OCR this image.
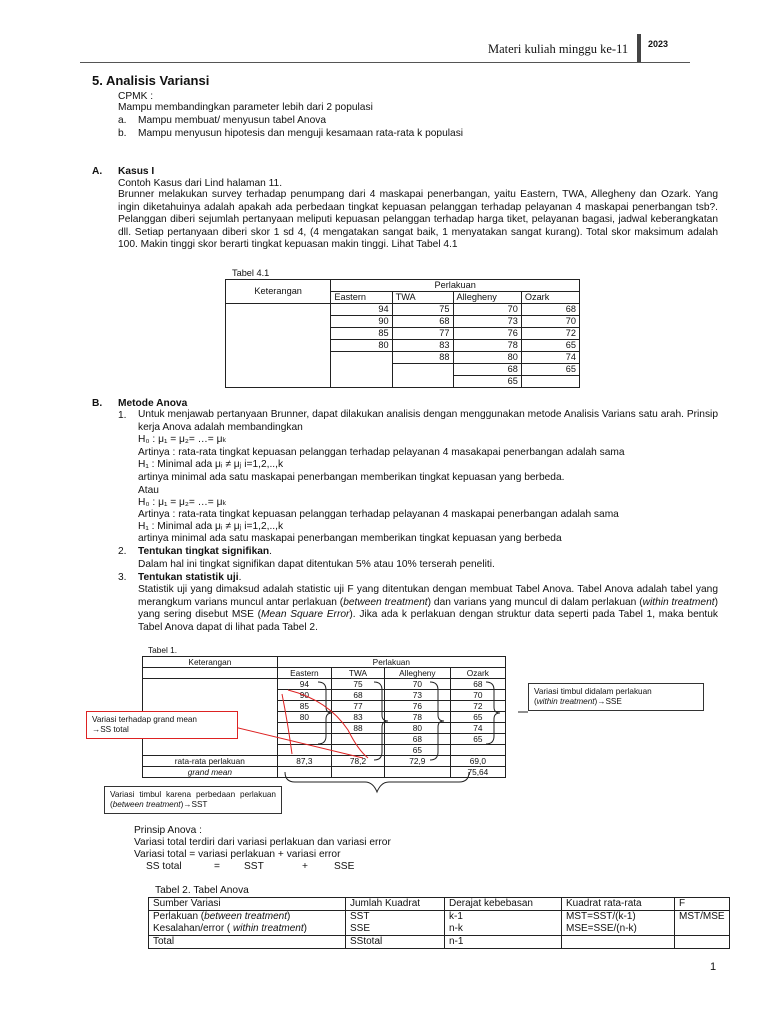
Materi kuliah minggu ke-11 2023
5. Analisis Variansi
CPMK :
Mampu membandingkan parameter lebih dari 2 populasi
a. Mampu membuat/ menyusun tabel Anova
b. Mampu menyusun hipotesis dan menguji kesamaan rata-rata k populasi
A. Kasus I
Contoh Kasus dari Lind halaman 11.
Brunner melakukan survey terhadap penumpang dari 4 maskapai penerbangan, yaitu Eastern, TWA, Allegheny dan Ozark. Yang ingin diketahuinya adalah apakah ada perbedaan tingkat kepuasan pelanggan terhadap pelayanan 4 maskapai penerbangan tsb?. Pelanggan diberi sejumlah pertanyaan meliputi kepuasan pelanggan terhadap harga tiket, pelayanan bagasi, jadwal keberangkatan dll. Setiap pertanyaan diberi skor 1 sd 4, (4 mengatakan sangat baik, 1 menyatakan sangat kurang). Total skor maksimum adalah 100. Makin tinggi skor berarti tingkat kepuasan makin tinggi. Lihat Tabel 4.1
Tabel 4.1
Keterangan	Perlakuan			
	Eastern	TWA	Allegheny	Ozark
	94	75	70	68
	90	68	73	70
	85	77	76	72
	80	83	78	65
		88	80	74
			68	65
			65	
B. Metode Anova
1. Untuk menjawab pertanyaan Brunner, dapat dilakukan analisis dengan menggunakan metode Analisis Varians satu arah. Prinsip kerja Anova adalah membandingkan
H₀ : μ₁ = μ₂= …= μₖ
Artinya : rata-rata tingkat kepuasan pelanggan terhadap pelayanan 4 masakapai penerbangan adalah sama
H₁ : Minimal ada μᵢ ≠ μⱼ i=1,2,..,k
artinya minimal ada satu maskapai penerbangan memberikan tingkat kepuasan yang berbeda.
Atau
H₀ : μ₁ = μ₂= …= μₖ
Artinya : rata-rata tingkat kepuasan pelanggan terhadap pelayanan 4 maskapai penerbangan adalah sama
H₁ : Minimal ada μᵢ ≠ μⱼ i=1,2,..,k
artinya minimal ada satu maskapai penerbangan memberikan tingkat kepuasan yang berbeda
2. Tentukan tingkat signifikan.
Dalam hal ini tingkat signifikan dapat ditentukan 5% atau 10% terserah peneliti.
3. Tentukan statistik uji.
Statistik uji yang dimaksud adalah statistic uji F yang ditentukan dengan membuat Tabel Anova. Tabel Anova adalah tabel yang merangkum varians muncul antar perlakuan (between treatment) dan varians yang muncul di dalam perlakuan (within treatment) yang sering disebut MSE (Mean Square Error). Jika ada k perlakuan dengan struktur data seperti pada Tabel 1, maka bentuk Tabel Anova dapat di lihat pada Tabel 2.
Tabel 1.
Keterangan	Perlakuan			
	Eastern	TWA	Allegheny	Ozark
	94	75	70	68
	90	68	73	70
	85	77	76	72
	80	83	78	65
		88	80	74
			68	65
			65	
rata-rata perlakuan	87,3	78,2	72,9	69,0
grand mean				75,64
Variasi timbul didalam perlakuan
(within treatment)→SSE
Variasi terhadap grand mean
→SS total
Variasi timbul karena perbedaan perlakuan (between treatment)→SST
Prinsip Anova :
Variasi total terdiri dari variasi perlakuan dan variasi error
Variasi total = variasi perlakuan + variasi error
SS total	= SST	+	SSE
Tabel 2. Tabel Anova
Sumber Variasi	Jumlah Kuadrat	Derajat kebebasan	Kuadrat rata-rata	F
Perlakuan (between treatment)	SST	k-1	MST=SST/(k-1)	MST/MSE
Kesalahan/error ( within treatment)	SSE	n-k	MSE=SSE/(n-k)	
Total	SStotal	n-1		
1
